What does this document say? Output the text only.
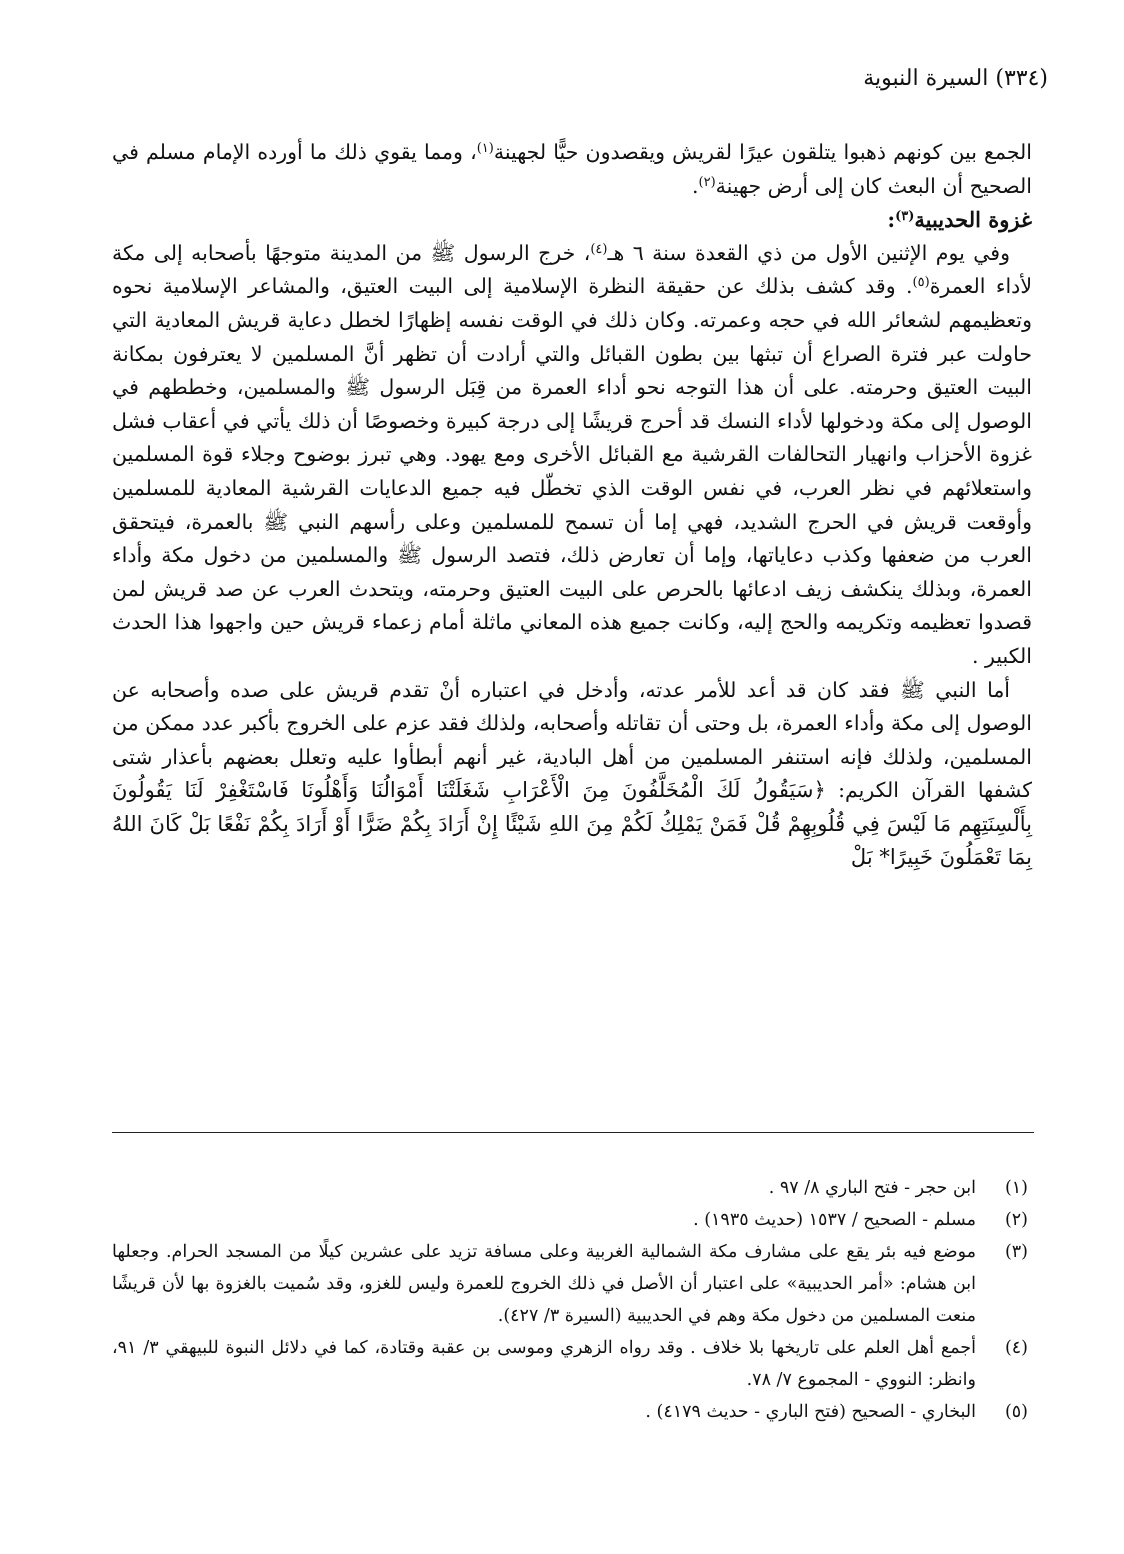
(٣٣٤) السيرة النبوية

الجمع بين كونهم ذهبوا يتلقون عيرًا لقريش ويقصدون حيًّا لجهينة$^{(١)}$، ومما يقوي ذلك ما أورده الإمام مسلم في الصحيح أن البعث كان إلى أرض جهينة$^{(٢)}$.

غزوة الحديبية$^{(٣)}$:

وفي يوم الإثنين الأول من ذي القعدة سنة ٦ هـ$^{(٤)}$، خرج الرسول ﷺ من المدينة متوجهًا بأصحابه إلى مكة لأداء العمرة$^{(٥)}$. وقد كشف بذلك عن حقيقة النظرة الإسلامية إلى البيت العتيق، والمشاعر الإسلامية نحوه وتعظيمهم لشعائر الله في حجه وعمرته. وكان ذلك في الوقت نفسه إظهارًا لخطل دعاية قريش المعادية التي حاولت عبر فترة الصراع أن تبثها بين بطون القبائل والتي أرادت أن تظهر أنَّ المسلمين لا يعترفون بمكانة البيت العتيق وحرمته. على أن هذا التوجه نحو أداء العمرة من قِبَل الرسول ﷺ والمسلمين، وخططهم في الوصول إلى مكة ودخولها لأداء النسك قد أحرج قريشًا إلى درجة كبيرة وخصوصًا أن ذلك يأتي في أعقاب فشل غزوة الأحزاب وانهيار التحالفات القرشية مع القبائل الأخرى ومع يهود. وهي تبرز بوضوح وجلاء قوة المسلمين واستعلائهم في نظر العرب، في نفس الوقت الذي تخطّل فيه جميع الدعايات القرشية المعادية للمسلمين وأوقعت قريش في الحرج الشديد، فهي إما أن تسمح للمسلمين وعلى رأسهم النبي ﷺ بالعمرة، فيتحقق العرب من ضعفها وكذب دعاياتها، وإما أن تعارض ذلك، فتصد الرسول ﷺ والمسلمين من دخول مكة وأداء العمرة، وبذلك ينكشف زيف ادعائها بالحرص على البيت العتيق وحرمته، ويتحدث العرب عن صد قريش لمن قصدوا تعظيمه وتكريمه والحج إليه، وكانت جميع هذه المعاني ماثلة أمام زعماء قريش حين واجهوا هذا الحدث الكبير .

أما النبي ﷺ فقد كان قد أعد للأمر عدته، وأدخل في اعتباره أنْ تقدم قريش على صده وأصحابه عن الوصول إلى مكة وأداء العمرة، بل وحتى أن تقاتله وأصحابه، ولذلك فقد عزم على الخروج بأكبر عدد ممكن من المسلمين، ولذلك فإنه استنفر المسلمين من أهل البادية، غير أنهم أبطأوا عليه وتعلل بعضهم بأعذار شتى كشفها القرآن الكريم: ﴿سَيَقُولُ لَكَ الْمُخَلَّفُونَ مِنَ الْأَعْرَابِ شَغَلَتْنَا أَمْوَالُنَا وَأَهْلُونَا فَاسْتَغْفِرْ لَنَا يَقُولُونَ بِأَلْسِنَتِهِم مَا لَيْسَ فِي قُلُوبِهِمْ قُلْ فَمَنْ يَمْلِكُ لَكُمْ مِنَ اللهِ شَيْئًا إِنْ أَرَادَ بِكُمْ ضَرًّا أَوْ أَرَادَ بِكُمْ نَفْعًا بَلْ كَانَ اللهُ بِمَا تَعْمَلُونَ خَبِيرًا* بَلْ

(١)
ابن حجر - فتح الباري ٨/ ٩٧ .
(٢)
مسلم - الصحيح / ١٥٣٧ (حديث ١٩٣٥) .
(٣)
موضع فيه بئر يقع على مشارف مكة الشمالية الغربية وعلى مسافة تزيد على عشرين كيلًا من المسجد الحرام. وجعلها ابن هشام: «أمر الحديبية» على اعتبار أن الأصل في ذلك الخروج للعمرة وليس للغزو، وقد سُميت بالغزوة بها لأن قريشًا منعت المسلمين من دخول مكة وهم في الحديبية (السيرة ٣/ ٤٢٧).
(٤)
أجمع أهل العلم على تاريخها بلا خلاف . وقد رواه الزهري وموسى بن عقبة وقتادة، كما في دلائل النبوة للبيهقي ٣/ ٩١، وانظر: النووي - المجموع ٧/ ٧٨.
(٥)
البخاري - الصحيح (فتح الباري - حديث ٤١٧٩) .
